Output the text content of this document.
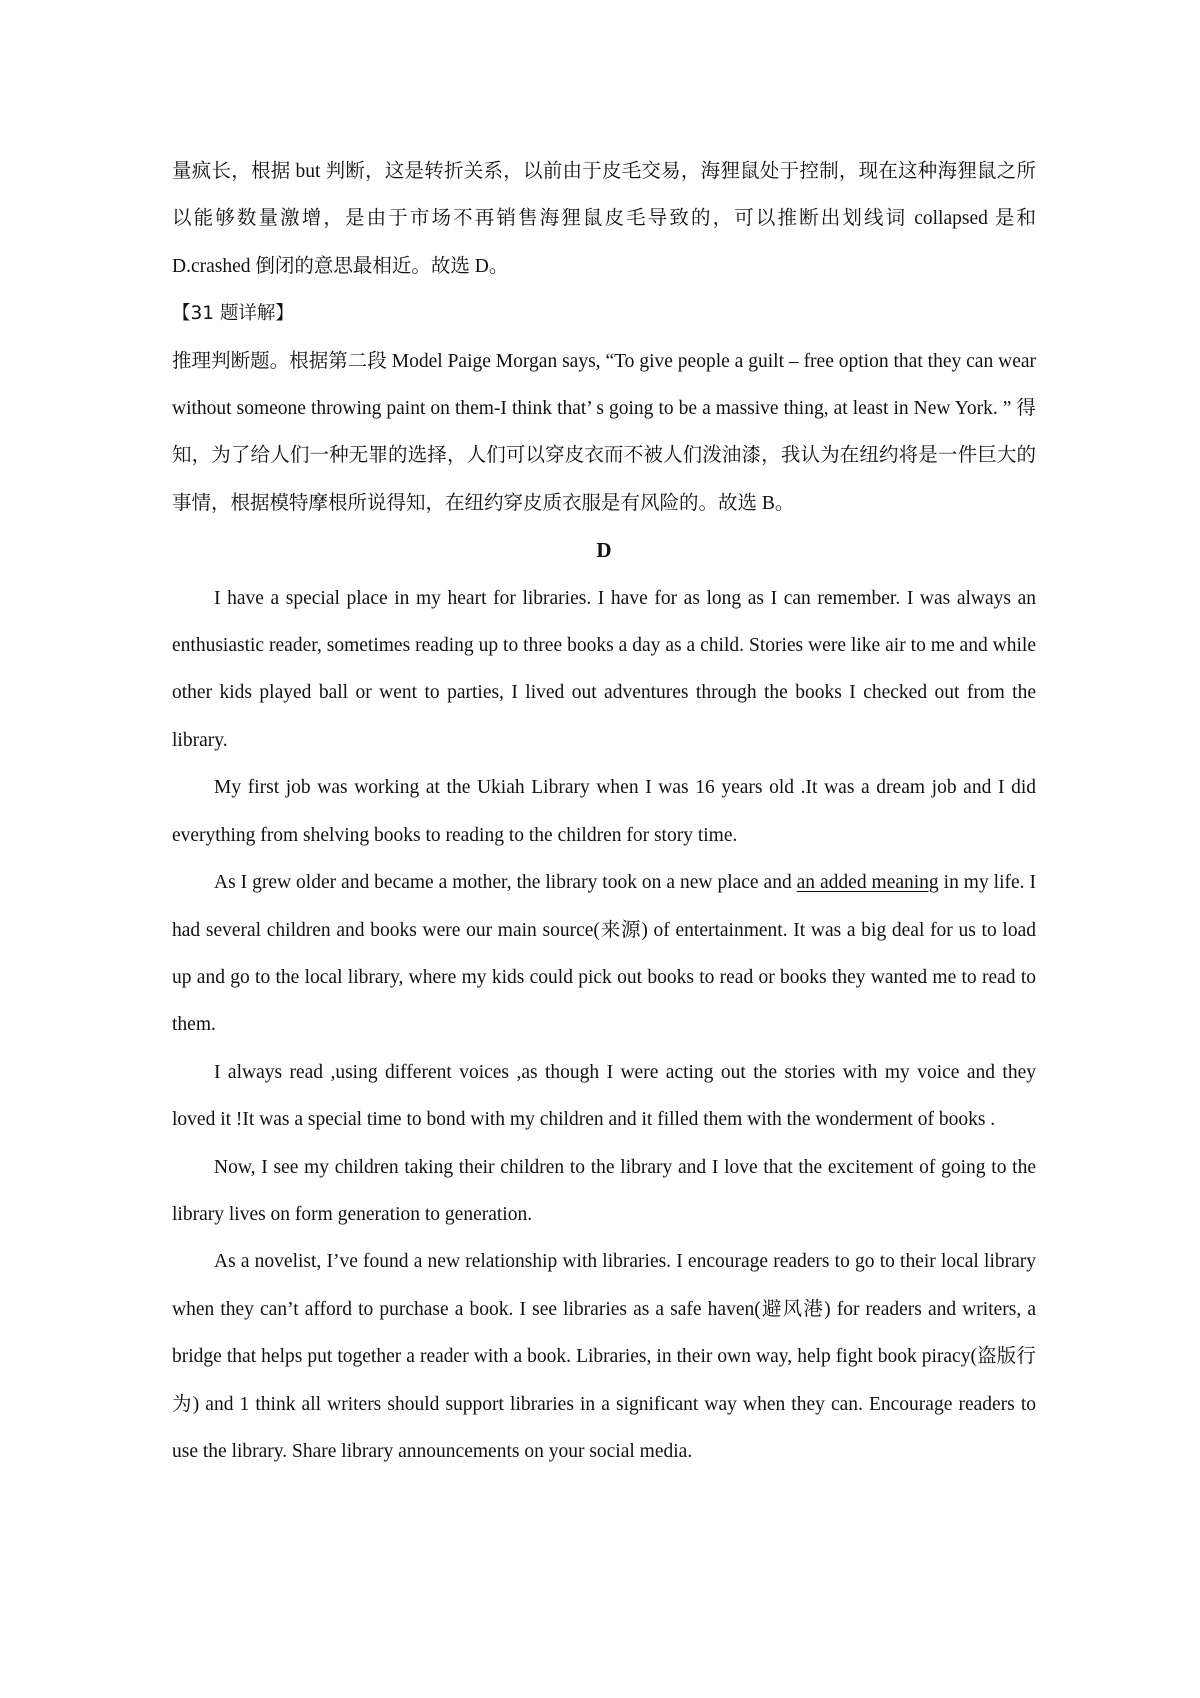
量疯长，根据 but 判断，这是转折关系，以前由于皮毛交易，海狸鼠处于控制，现在这种海狸鼠之所以能够数量激增，是由于市场不再销售海狸鼠皮毛导致的，可以推断出划线词 collapsed 是和 D.crashed 倒闭的意思最相近。故选 D。

【31 题详解】

推理判断题。根据第二段 Model Paige Morgan says, “To give people a guilt – free option that they can wear without someone throwing paint on them-I think that’ s going to be a massive thing, at least in New York. ” 得知，为了给人们一种无罪的选择，人们可以穿皮衣而不被人们泼油漆，我认为在纽约将是一件巨大的事情，根据模特摩根所说得知，在纽约穿皮质衣服是有风险的。故选 B。

D

I have a special place in my heart for libraries. I have for as long as I can remember. I was always an enthusiastic reader, sometimes reading up to three books a day as a child. Stories were like air to me and while other kids played ball or went to parties, I lived out adventures through the books I checked out from the library.

My first job was working at the Ukiah Library when I was 16 years old .It was a dream job and I did everything from shelving books to reading to the children for story time.

As I grew older and became a mother, the library took on a new place and an added meaning in my life. I had several children and books were our main source(来源) of entertainment. It was a big deal for us to load up and go to the local library, where my kids could pick out books to read or books they wanted me to read to them.

I always read ,using different voices ,as though I were acting out the stories with my voice and they loved it !It was a special time to bond with my children and it filled them with the wonderment of books .

Now, I see my children taking their children to the library and I love that the excitement of going to the library lives on form generation to generation.

As a novelist, I’ve found a new relationship with libraries. I encourage readers to go to their local library when they can’t afford to purchase a book. I see libraries as a safe haven(避风港) for readers and writers, a bridge that helps put together a reader with a book. Libraries, in their own way, help fight book piracy(盗版行为) and 1 think all writers should support libraries in a significant way when they can. Encourage readers to use the library. Share library announcements on your social media.
